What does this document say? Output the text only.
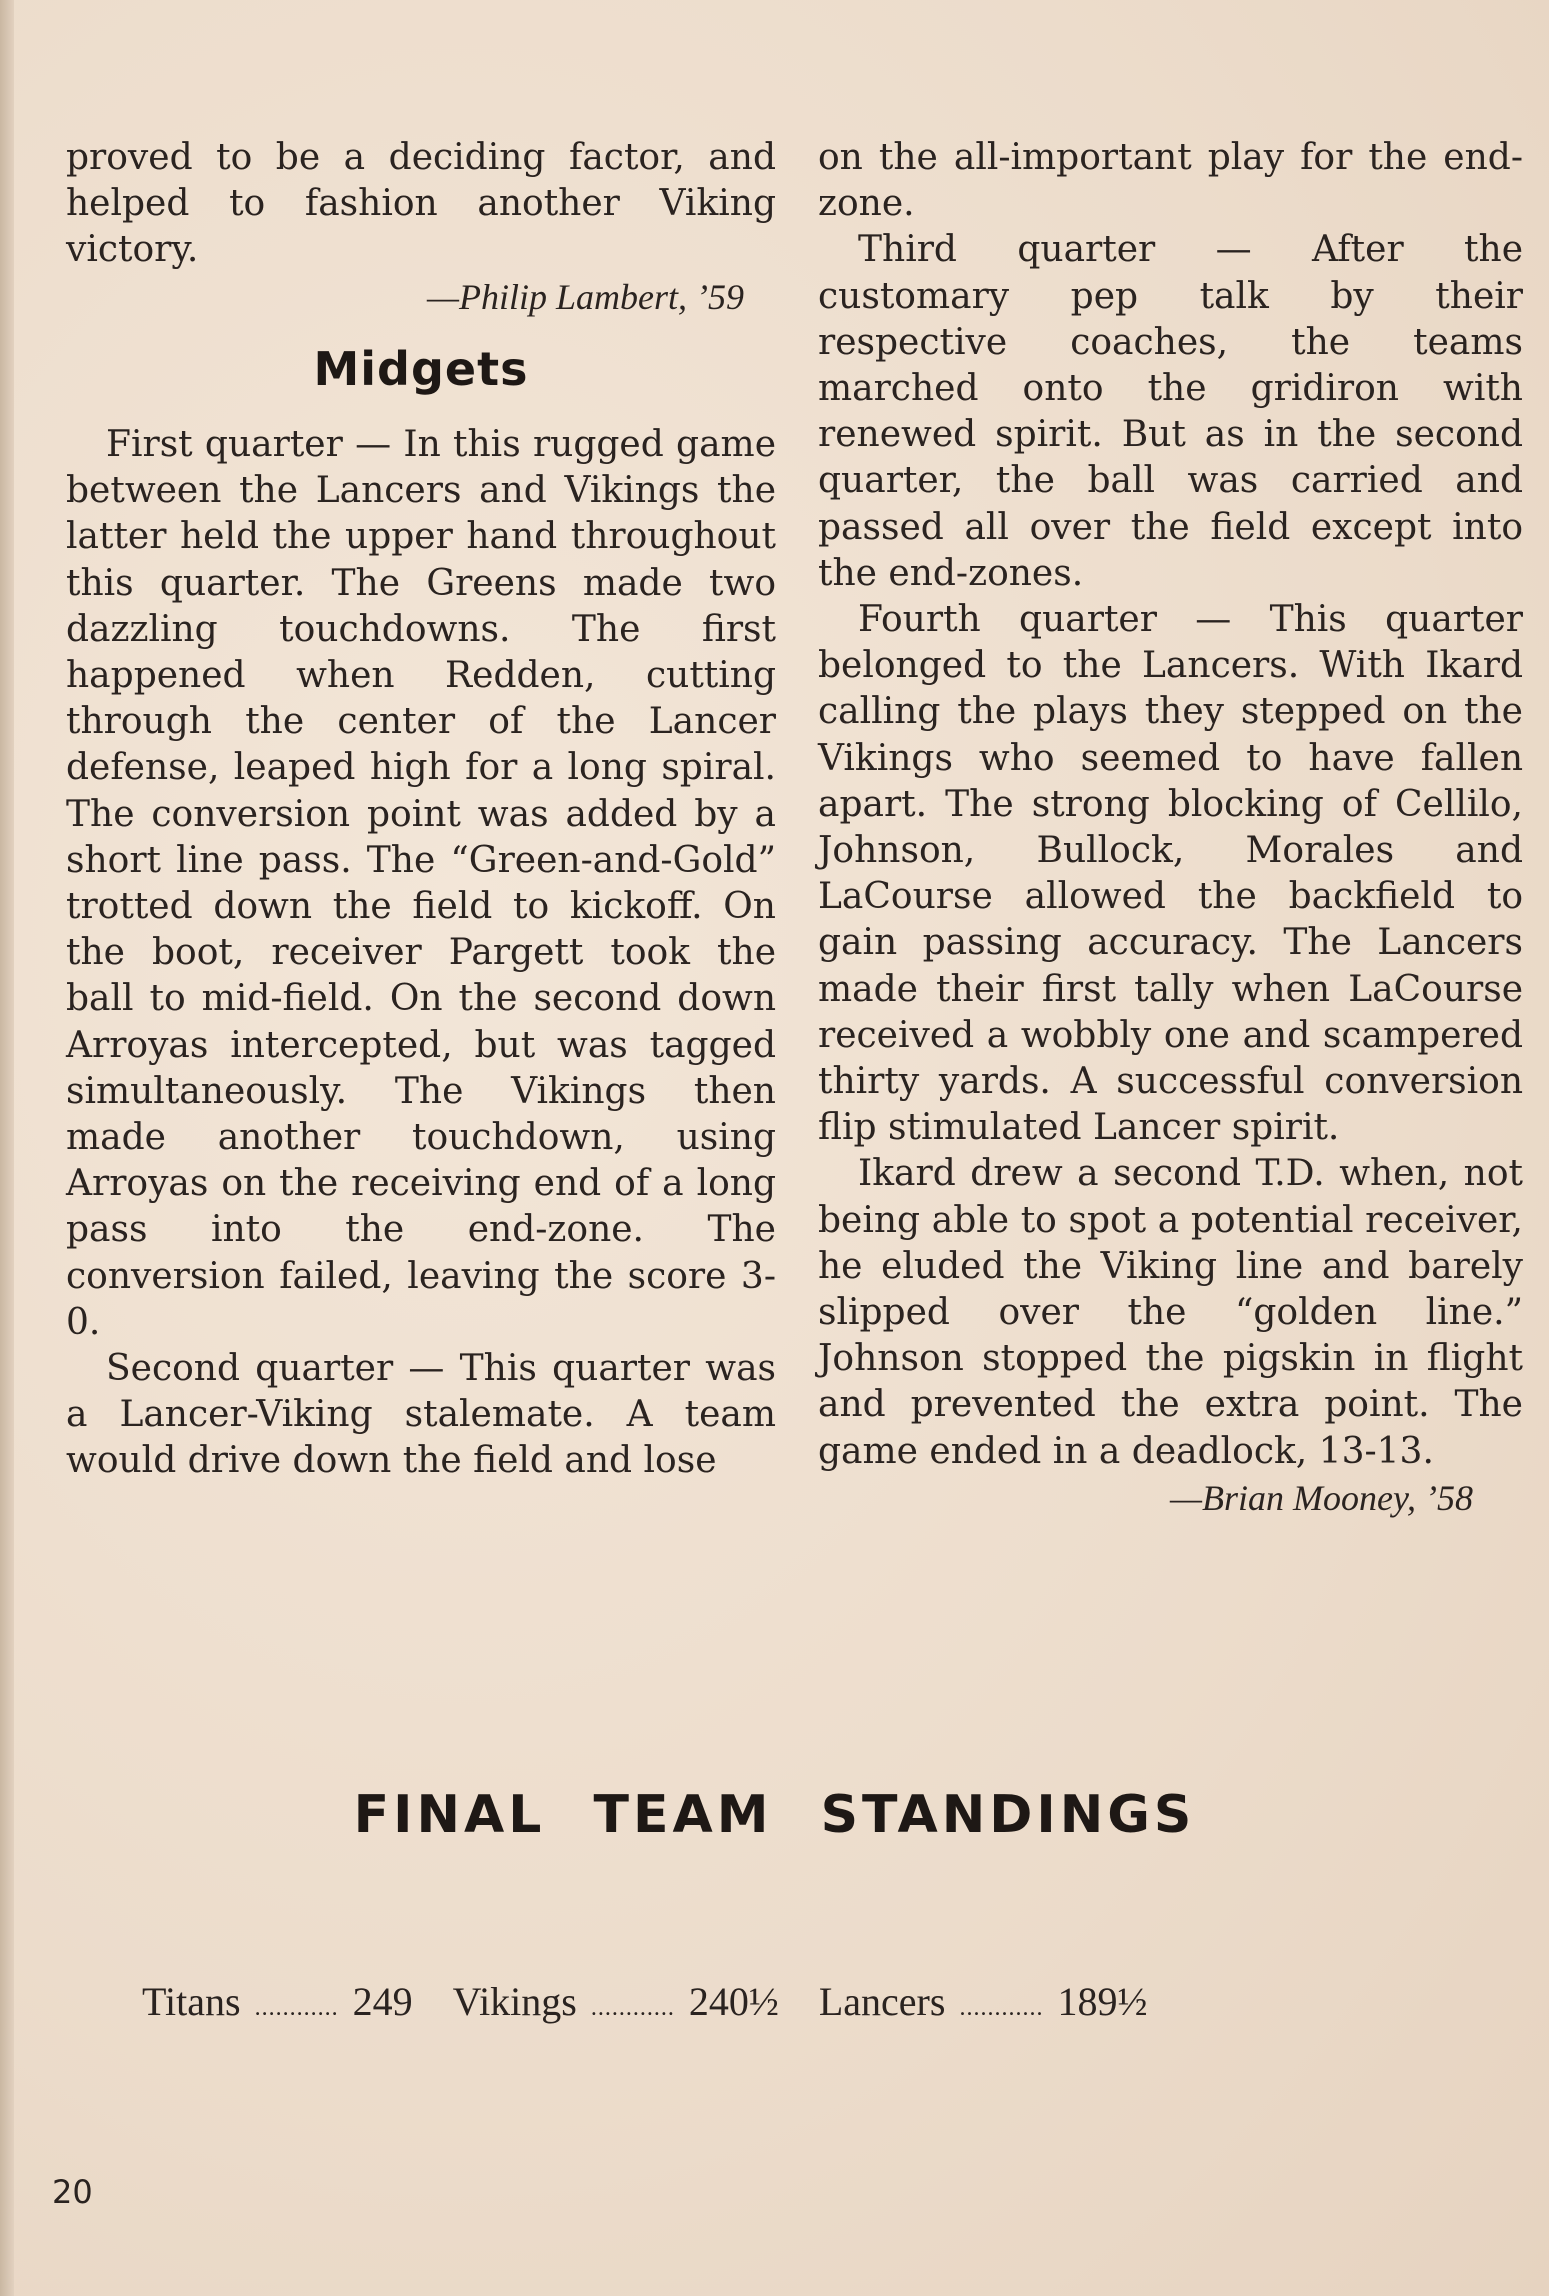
proved to be a deciding factor, and helped to fashion another Viking victory.

—Philip Lambert, ’59

Midgets

First quarter — In this rugged game between the Lancers and Vikings the latter held the upper hand throughout this quarter. The Greens made two dazzling touchdowns. The first happened when Redden, cutting through the center of the Lancer defense, leaped high for a long spiral. The conversion point was added by a short line pass. The “Green-and-Gold” trotted down the field to kickoff. On the boot, receiver Pargett took the ball to mid-field. On the second down Arroyas intercepted, but was tagged simultaneously. The Vikings then made another touchdown, using Arroyas on the receiving end of a long pass into the end-zone. The conversion failed, leaving the score 3-0.

Second quarter — This quarter was a Lancer-Viking stalemate. A team would drive down the field and lose

on the all-important play for the end-zone.

Third quarter — After the customary pep talk by their respective coaches, the teams marched onto the gridiron with renewed spirit. But as in the second quarter, the ball was carried and passed all over the field except into the end-zones.

Fourth quarter — This quarter belonged to the Lancers. With Ikard calling the plays they stepped on the Vikings who seemed to have fallen apart. The strong blocking of Cellilo, Johnson, Bullock, Morales and LaCourse allowed the backfield to gain passing accuracy. The Lancers made their first tally when LaCourse received a wobbly one and scampered thirty yards. A successful conversion flip stimulated Lancer spirit.

Ikard drew a second T.D. when, not being able to spot a potential receiver, he eluded the Viking line and barely slipped over the “golden line.” Johnson stopped the pigskin in flight and prevented the extra point. The game ended in a deadlock, 13-13.

—Brian Mooney, ’58

FINAL TEAM STANDINGS
Titans ............ 249 Vikings ............ 240½ Lancers ............ 189½
20
